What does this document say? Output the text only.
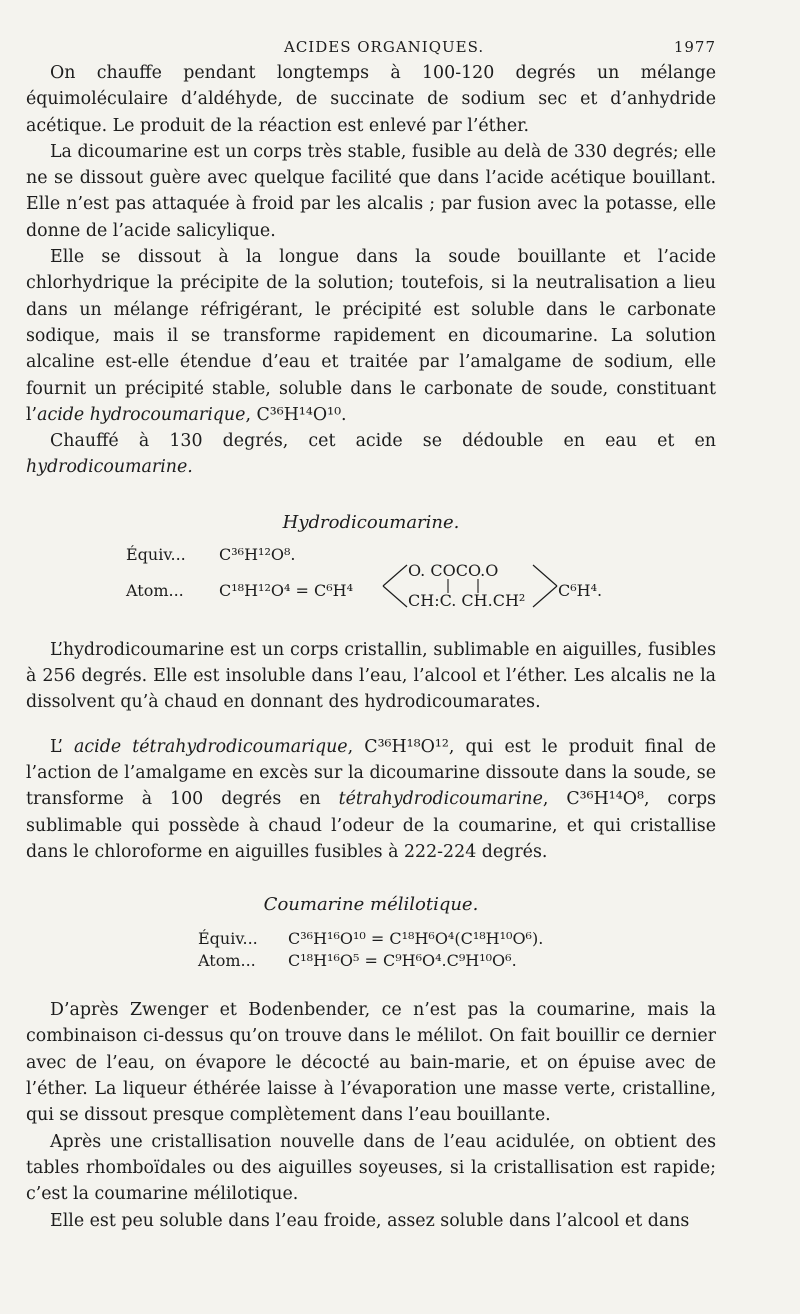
ACIDES ORGANIQUES.	1977

On chauffe pendant longtemps à 100-120 degrés un mélange équimoléculaire d’aldéhyde, de succinate de sodium sec et d’anhydride acétique. Le produit de la réaction est enlevé par l’éther.

La dicoumarine est un corps très stable, fusible au delà de 330 degrés; elle ne se dissout guère avec quelque facilité que dans l’acide acétique bouillant. Elle n’est pas attaquée à froid par les alcalis ; par fusion avec la potasse, elle donne de l’acide salicylique.

Elle se dissout à la longue dans la soude bouillante et l’acide chlorhydrique la précipite de la solution; toutefois, si la neutralisation a lieu dans un mélange réfrigérant, le précipité est soluble dans le carbonate sodique, mais il se transforme rapidement en dicoumarine. La solution alcaline est-elle étendue d’eau et traitée par l’amalgame de sodium, elle fournit un précipité stable, soluble dans le carbonate de soude, constituant l’acide hydrocoumarique, C³⁶H¹⁴O¹⁰.

Chauffé à 130 degrés, cet acide se dédouble en eau et en hydrodicoumarine.

Hydrodicoumarine.
Équiv... C³⁶H¹²O⁸.
Atom... C¹⁸H¹²O⁴ = C⁶H⁴
O. COCO.O
CH:C. CH.CH²
C⁶H⁴.

L’hydrodicoumarine est un corps cristallin, sublimable en aiguilles, fusibles à 256 degrés. Elle est insoluble dans l’eau, l’alcool et l’éther. Les alcalis ne la dissolvent qu’à chaud en donnant des hydrodicoumarates.

L’ acide tétrahydrodicoumarique, C³⁶H¹⁸O¹², qui est le produit final de l’action de l’amalgame en excès sur la dicoumarine dissoute dans la soude, se transforme à 100 degrés en tétrahydrodicoumarine, C³⁶H¹⁴O⁸, corps sublimable qui possède à chaud l’odeur de la coumarine, et qui cristallise dans le chloroforme en aiguilles fusibles à 222-224 degrés.

Coumarine mélilotique.
Équiv... C³⁶H¹⁶O¹⁰ = C¹⁸H⁶O⁴(C¹⁸H¹⁰O⁶).
Atom... C¹⁸H¹⁶O⁵ = C⁹H⁶O⁴.C⁹H¹⁰O⁶.

D’après Zwenger et Bodenbender, ce n’est pas la coumarine, mais la combinaison ci-dessus qu’on trouve dans le mélilot. On fait bouillir ce dernier avec de l’eau, on évapore le décocté au bain-marie, et on épuise avec de l’éther. La liqueur éthérée laisse à l’évaporation une masse verte, cristalline, qui se dissout presque complètement dans l’eau bouillante.

Après une cristallisation nouvelle dans de l’eau acidulée, on obtient des tables rhomboïdales ou des aiguilles soyeuses, si la cristallisation est rapide; c’est la coumarine mélilotique.

Elle est peu soluble dans l’eau froide, assez soluble dans l’alcool et dans
